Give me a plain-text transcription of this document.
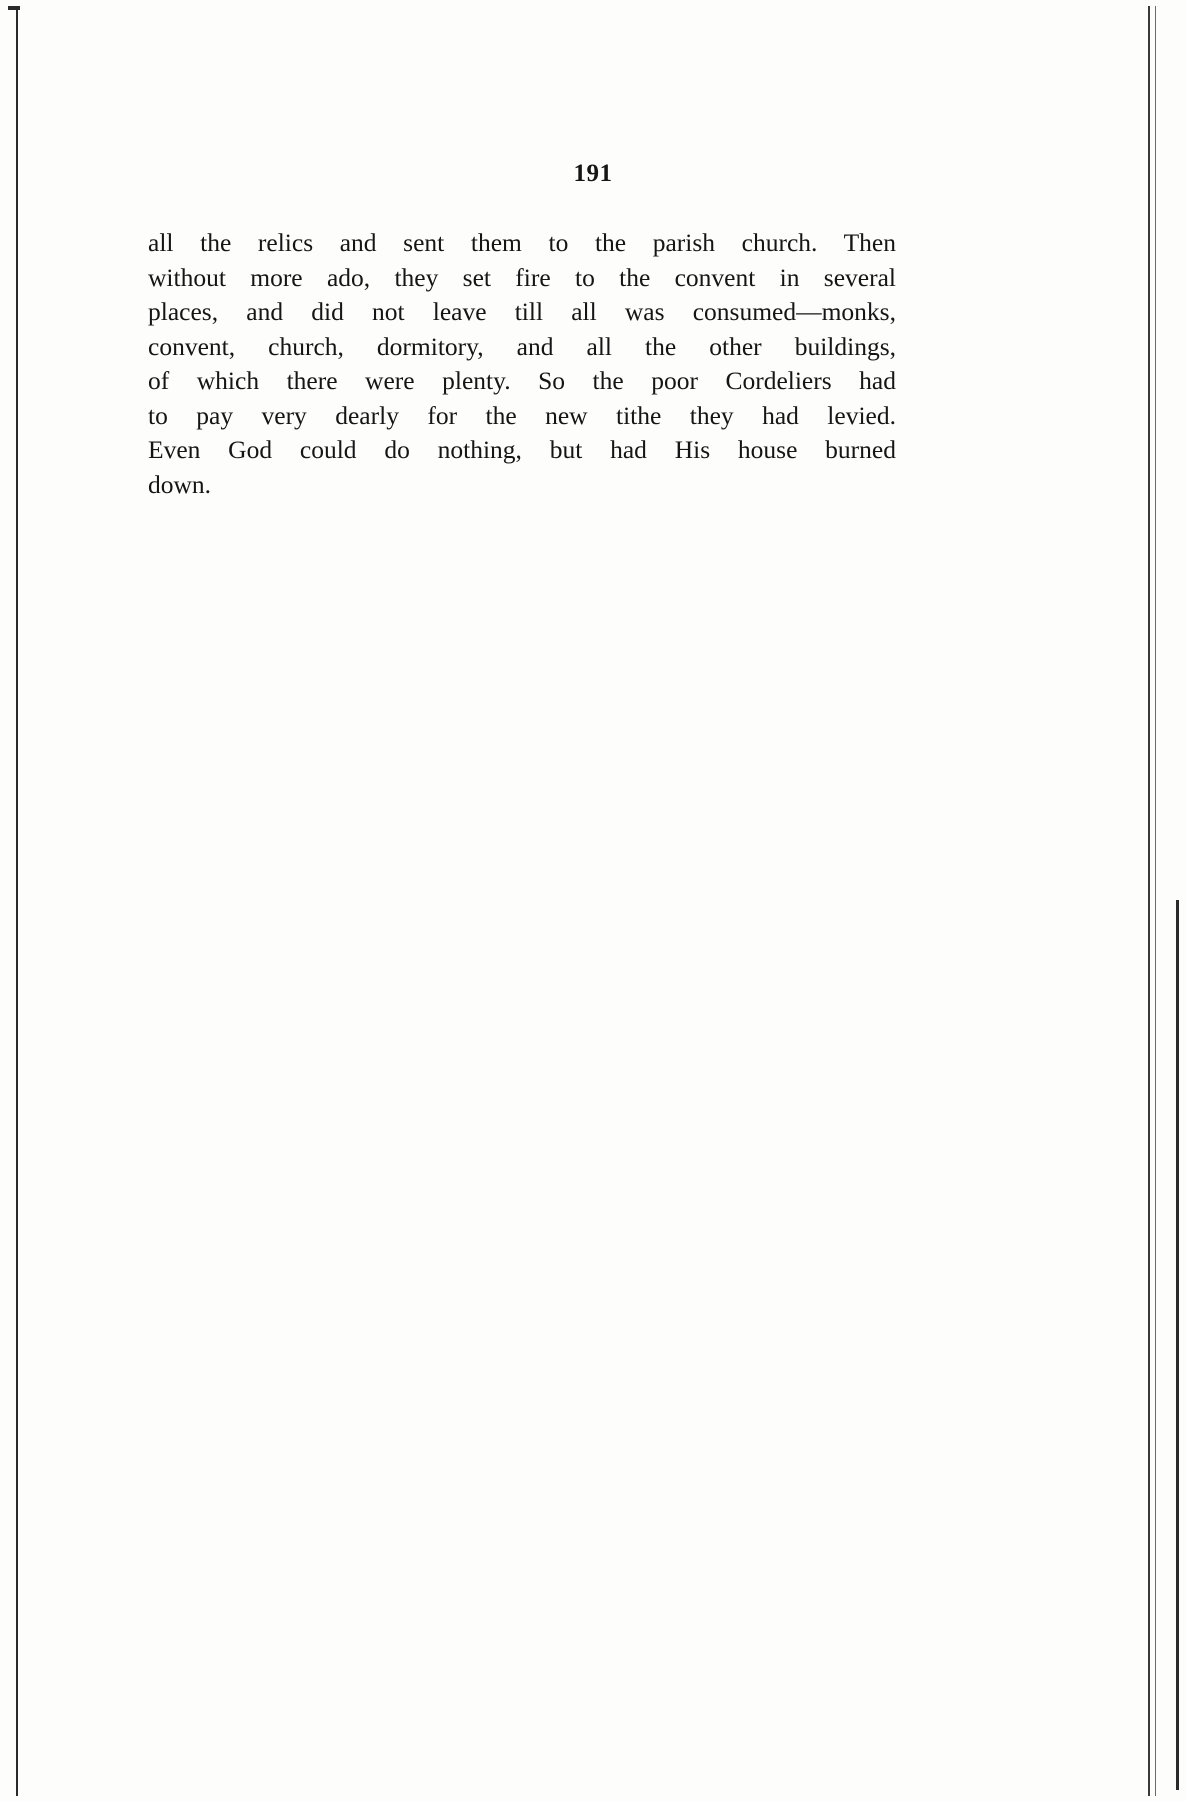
191
all the relics and sent them to the parish church. Then
without more ado, they set fire to the convent in several
places, and did not leave till all was consumed—monks,
convent, church, dormitory, and all the other buildings,
of which there were plenty. So the poor Cordeliers had
to pay very dearly for the new tithe they had levied.
Even God could do nothing, but had His house burned
down.
